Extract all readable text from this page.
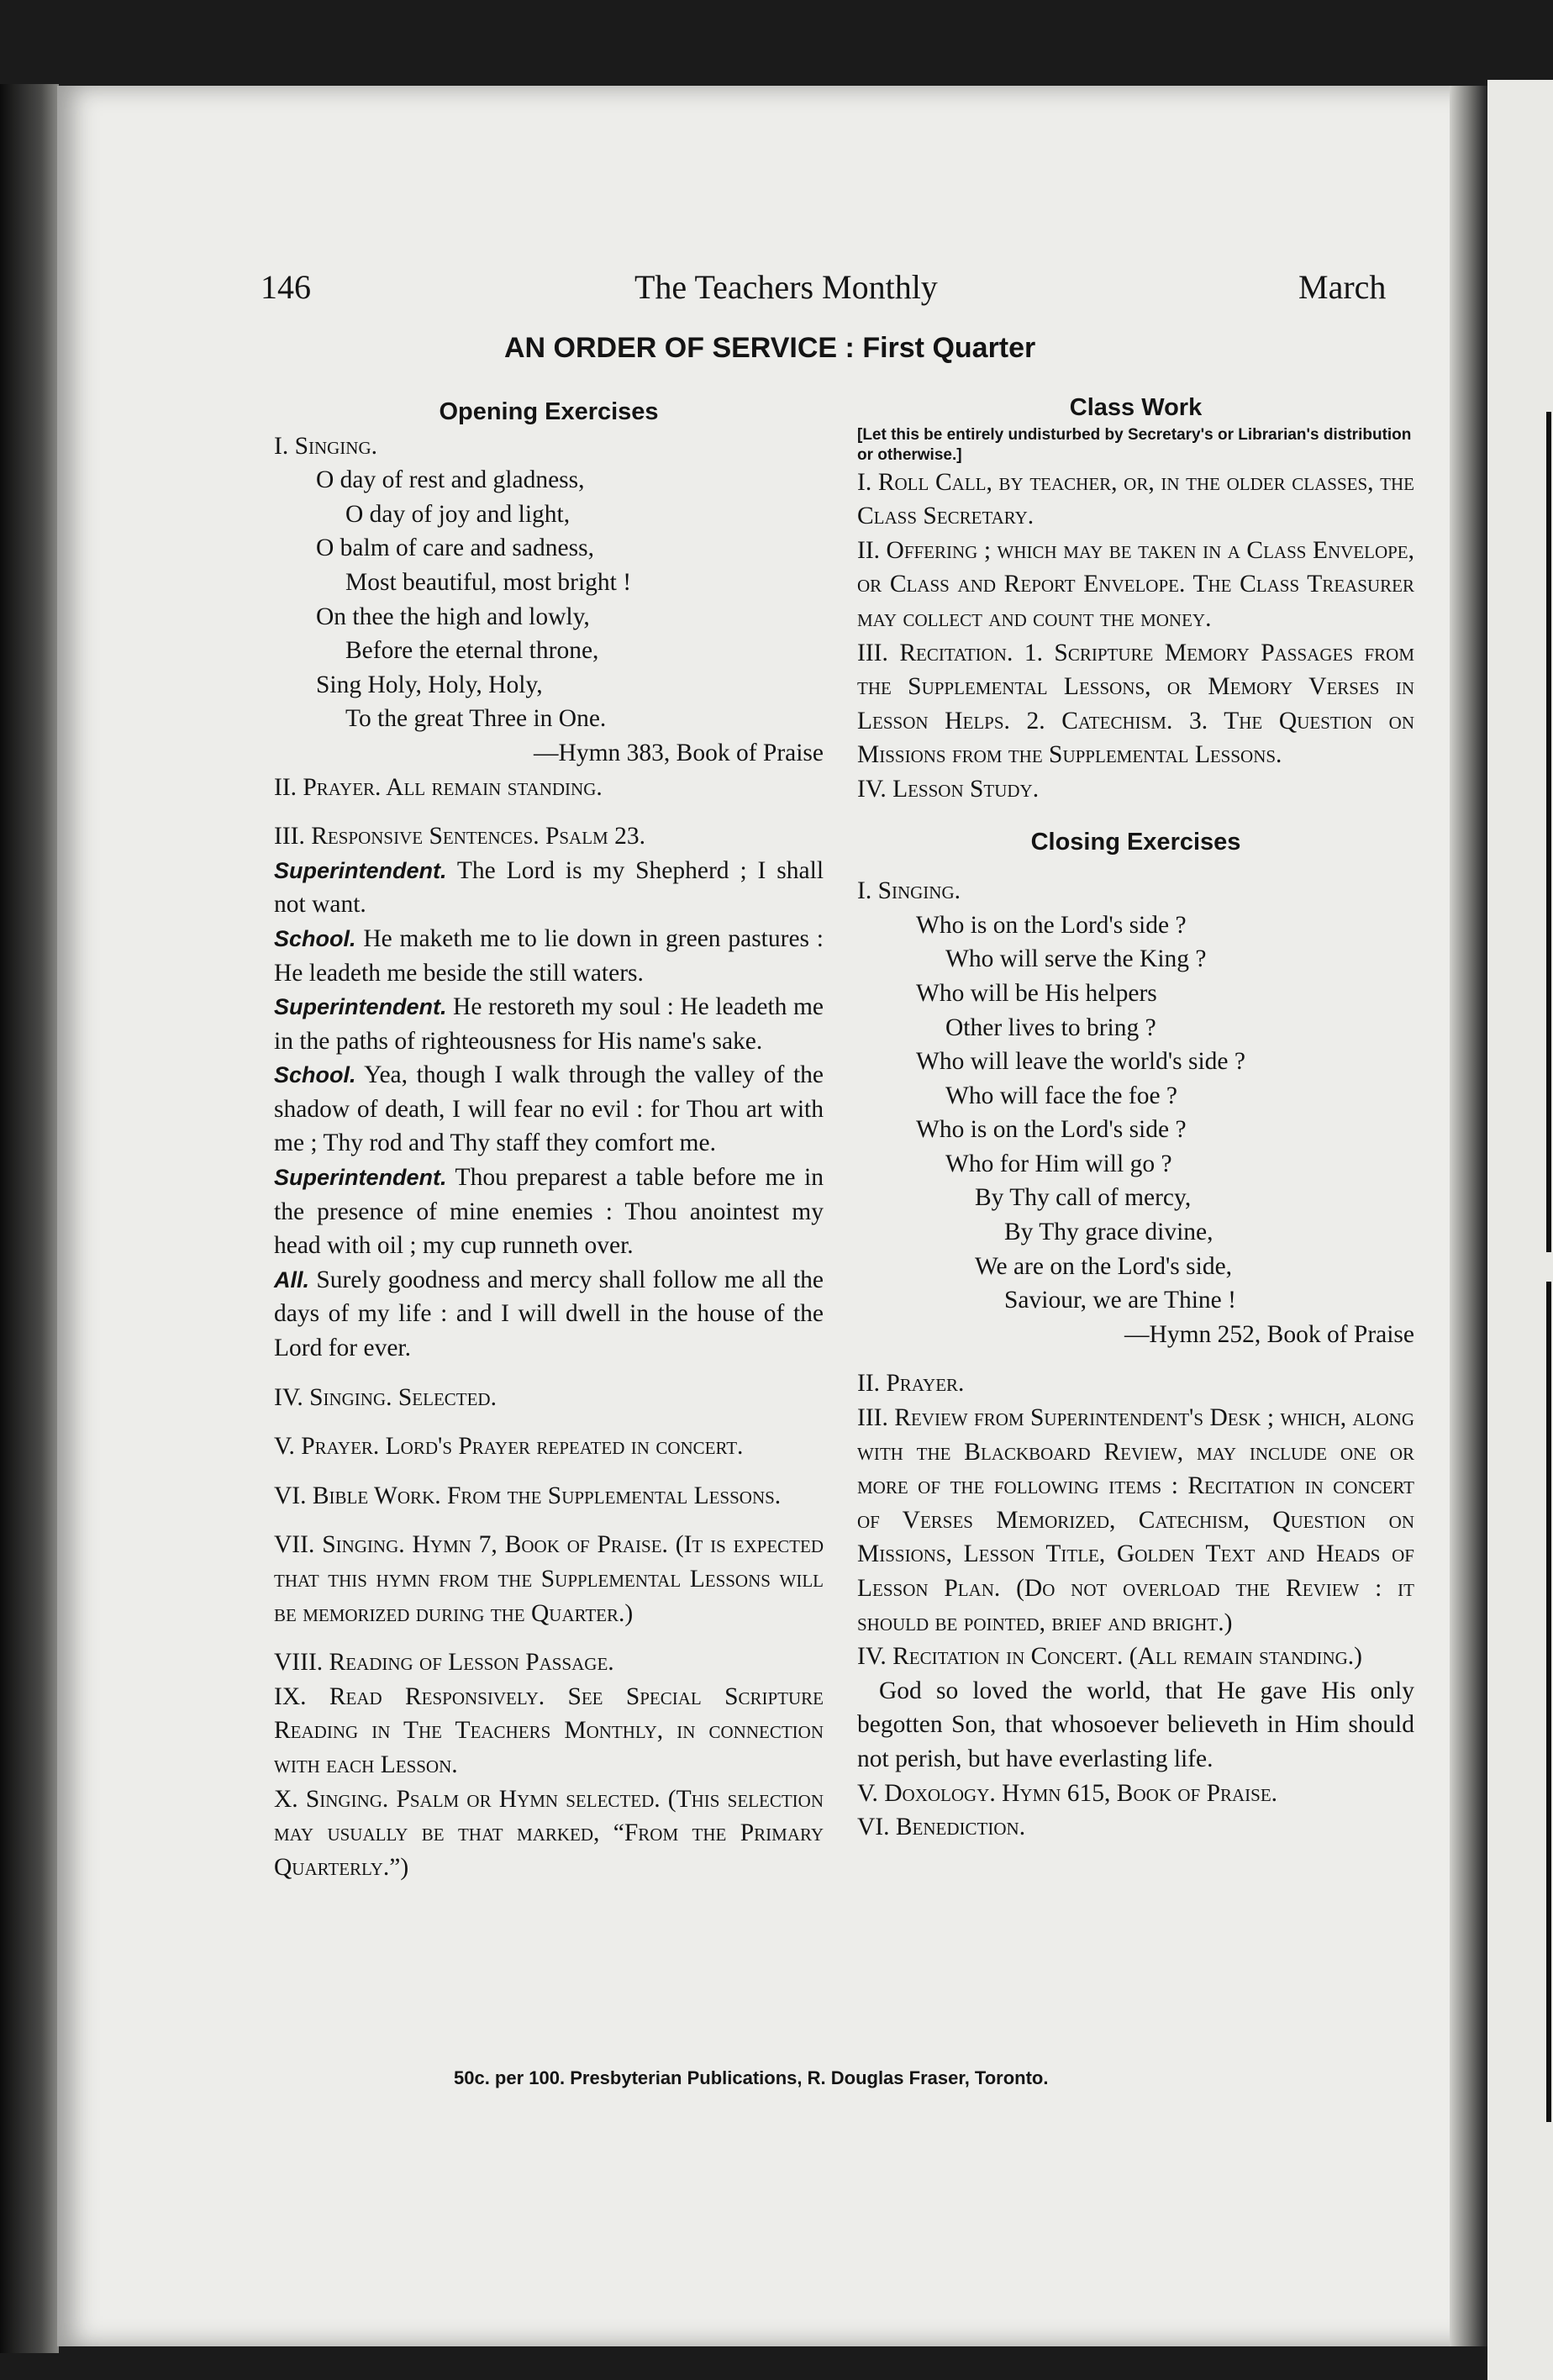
146	The Teachers Monthly	March
AN ORDER OF SERVICE : First Quarter

Opening Exercises

I. Singing.

O day of rest and gladness,

O day of joy and light,

O balm of care and sadness,

Most beautiful, most bright !

On thee the high and lowly,

Before the eternal throne,

Sing Holy, Holy, Holy,

To the great Three in One.

—Hymn 383, Book of Praise

II. Prayer. All remain standing.

III. Responsive Sentences. Psalm 23.

Superintendent. The Lord is my Shepherd ; I shall not want.

School. He maketh me to lie down in green pastures : He leadeth me beside the still waters.

Superintendent. He restoreth my soul : He leadeth me in the paths of righteousness for His name's sake.

School. Yea, though I walk through the valley of the shadow of death, I will fear no evil : for Thou art with me ; Thy rod and Thy staff they comfort me.

Superintendent. Thou preparest a table before me in the presence of mine enemies : Thou anointest my head with oil ; my cup runneth over.

All. Surely goodness and mercy shall follow me all the days of my life : and I will dwell in the house of the Lord for ever.

IV. Singing. Selected.

V. Prayer. Lord's Prayer repeated in concert.

VI. Bible Work. From the Supplemental Lessons.

VII. Singing. Hymn 7, Book of Praise. (It is expected that this hymn from the Supplemental Lessons will be memorized during the Quarter.)

VIII. Reading of Lesson Passage.

IX. Read Responsively. See Special Scripture Reading in The Teachers Monthly, in connection with each Lesson.

X. Singing. Psalm or Hymn selected. (This selection may usually be that marked, “From the Primary Quarterly.”)

Class Work

[Let this be entirely undisturbed by Secretary's or Librarian's distribution or otherwise.]

I. Roll Call, by teacher, or, in the older classes, the Class Secretary.

II. Offering ; which may be taken in a Class Envelope, or Class and Report Envelope. The Class Treasurer may collect and count the money.

III. Recitation. 1. Scripture Memory Passages from the Supplemental Lessons, or Memory Verses in Lesson Helps. 2. Catechism. 3. The Question on Missions from the Supplemental Lessons.

IV. Lesson Study.

Closing Exercises

I. Singing.

Who is on the Lord's side ?

Who will serve the King ?

Who will be His helpers

Other lives to bring ?

Who will leave the world's side ?

Who will face the foe ?

Who is on the Lord's side ?

Who for Him will go ?

By Thy call of mercy,

By Thy grace divine,

We are on the Lord's side,

Saviour, we are Thine !

—Hymn 252, Book of Praise

II. Prayer.

III. Review from Superintendent's Desk ; which, along with the Blackboard Review, may include one or more of the following items : Recitation in concert of Verses Memorized, Catechism, Question on Missions, Lesson Title, Golden Text and Heads of Lesson Plan. (Do not overload the Review : it should be pointed, brief and bright.)

IV. Recitation in Concert. (All remain standing.)

God so loved the world, that He gave His only begotten Son, that whosoever believeth in Him should not perish, but have everlasting life.

V. Doxology. Hymn 615, Book of Praise.

VI. Benediction.

50c. per 100. Presbyterian Publications, R. Douglas Fraser, Toronto.
